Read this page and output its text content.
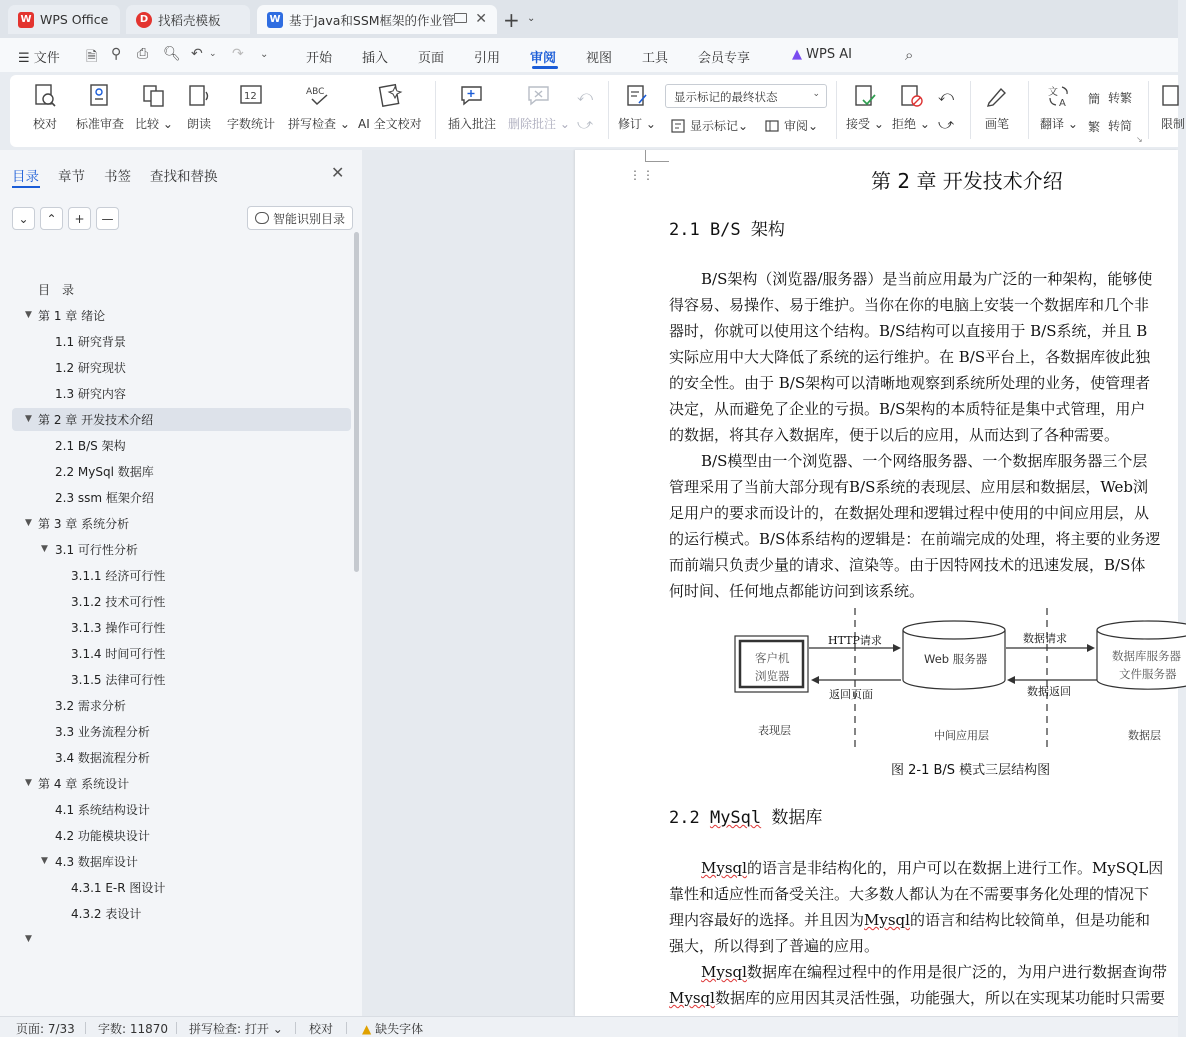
W WPS Office	D 找稻壳模板	W 基于Java和SSM框架的作业管 ✕ + ⌄
☰ 文件 🗎 ⚲ ⎙ 🔍︎ ↶ ⌄ ↷ ⌄	开始 插入 页面 引用 审阅 视图 工具 会员专享	▲ WPS AI	⌕
校对 标准审查 比较 ⌄ 朗读
12
字数统计
ABC
拼写检查 ⌄ AI 全文校对 插入批注 删除批注 ⌄
⤺
⤻ 修订 ⌄
显示标记的最终状态	⌄
显示标记 ⌄	审阅 ⌄ 接受 ⌄ 拒绝 ⌄
⤺
⤻	画笔
文
A
翻译 ⌄
簡 转繁
繁 转简
↘
限制
目录 章节 书签 查找和替换	✕
⌄ ⌃ + —	智能识别目录
目　录
▼ 第 1 章 绪论
1.1 研究背景
1.2 研究现状
1.3 研究内容
▼ 第 2 章 开发技术介绍
2.1 B/S 架构
2.2 MySql 数据库
2.3 ssm 框架介绍
▼ 第 3 章 系统分析
▼ 3.1 可行性分析
3.1.1 经济可行性
3.1.2 技术可行性
3.1.3 操作可行性
3.1.4 时间可行性
3.1.5 法律可行性
3.2 需求分析
3.3 业务流程分析
3.4 数据流程分析
▼ 第 4 章 系统设计
4.1 系统结构设计
4.2 功能模块设计
▼ 4.3 数据库设计
4.3.1 E-R 图设计
4.3.2 表设计
▼
⋮⋮	第 2 章 开发技术介绍
2.1 B/S 架构
B/S架构（浏览器/服务器）是当前应用最为广泛的一种架构，能够使
得容易、易操作、易于维护。当你在你的电脑上安装一个数据库和几个非
器时，你就可以使用这个结构。B/S结构可以直接用于 B/S系统，并且 B
实际应用中大大降低了系统的运行维护。在 B/S平台上，各数据库彼此独
的安全性。由于 B/S架构可以清晰地观察到系统所处理的业务，使管理者
决定，从而避免了企业的亏损。B/S架构的本质特征是集中式管理，用户
的数据，将其存入数据库，便于以后的应用，从而达到了各种需要。
B/S模型由一个浏览器、一个网络服务器、一个数据库服务器三个层
管理采用了当前大部分现有B/S系统的表现层、应用层和数据层，Web浏
足用户的要求而设计的，在数据处理和逻辑过程中使用的中间应用层，从
的运行模式。B/S体系结构的逻辑是：在前端完成的处理，将主要的业务逻
而前端只负责少量的请求、渲染等。由于因特网技术的迅速发展，B/S体
何时间、任何地点都能访问到该系统。
客户机
浏览器
Web 服务器	数据库服务器
文件服务器
HTTP请求
返回页面
数据请求
数据返回
表现层	中间应用层	数据层
图 2-1 B/S 模式三层结构图
2.2 MySql 数据库
Mysql的语言是非结构化的，用户可以在数据上进行工作。MySQL因
靠性和适应性而备受关注。大多数人都认为在不需要事务化处理的情况下
理内容最好的选择。并且因为Mysql的语言和结构比较简单，但是功能和
强大，所以得到了普遍的应用。
Mysql数据库在编程过程中的作用是很广泛的，为用户进行数据查询带
Mysql数据库的应用因其灵活性强，功能强大，所以在实现某功能时只需要
页面: 7/33 字数: 11870 拼写检查: 打开 ⌄ 校对 ▲ 缺失字体
